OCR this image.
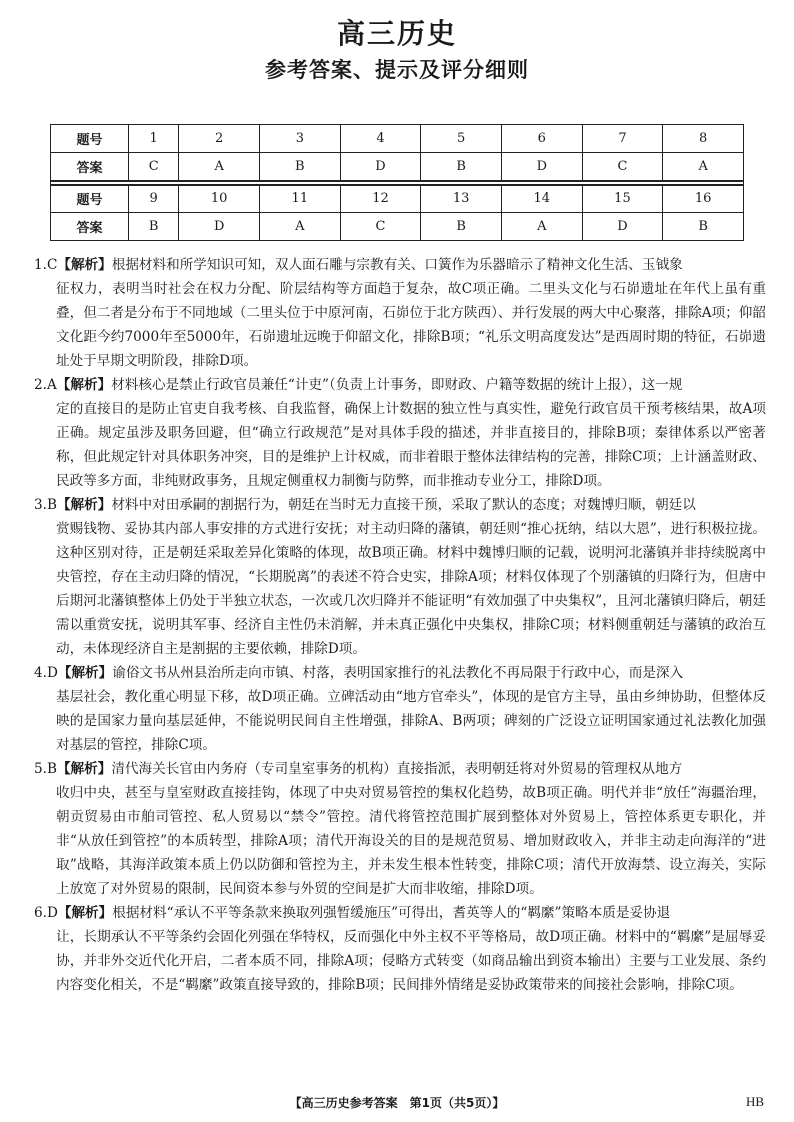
高三历史
参考答案、提示及评分细则
题号	1	2	3	4	5	6	7	8
答案	C	A	B	D	B	D	C	A

题号	9	10	11	12	13	14	15	16
答案	B	D	A	C	B	A	D	B
1.C【解析】根据材料和所学知识可知，双人面石雕与宗教有关、口簧作为乐器暗示了精神文化生活、玉钺象
征权力，表明当时社会在权力分配、阶层结构等方面趋于复杂，故C项正确。二里头文化与石峁遗址在年代上虽有重叠，但二者是分布于不同地域（二里头位于中原河南，石峁位于北方陕西）、并行发展的两大中心聚落，排除A项；仰韶文化距今约7000年至5000年，石峁遗址远晚于仰韶文化，排除B项；“礼乐文明高度发达”是西周时期的特征，石峁遗址处于早期文明阶段，排除D项。
2.A【解析】材料核心是禁止行政官员兼任“计吏”（负责上计事务，即财政、户籍等数据的统计上报），这一规
定的直接目的是防止官吏自我考核、自我监督，确保上计数据的独立性与真实性，避免行政官员干预考核结果，故A项正确。规定虽涉及职务回避，但“确立行政规范”是对具体手段的描述，并非直接目的，排除B项；秦律体系以严密著称，但此规定针对具体职务冲突，目的是维护上计权威，而非着眼于整体法律结构的完善，排除C项；上计涵盖财政、民政等多方面，非纯财政事务，且规定侧重权力制衡与防弊，而非推动专业分工，排除D项。
3.B【解析】材料中对田承嗣的割据行为，朝廷在当时无力直接干预，采取了默认的态度；对魏博归顺，朝廷以
赏赐钱物、妥协其内部人事安排的方式进行安抚；对主动归降的藩镇，朝廷则“推心抚纳，结以大恩”，进行积极拉拢。这种区别对待，正是朝廷采取差异化策略的体现，故B项正确。材料中魏博归顺的记载，说明河北藩镇并非持续脱离中央管控，存在主动归降的情况，“长期脱离”的表述不符合史实，排除A项；材料仅体现了个别藩镇的归降行为，但唐中后期河北藩镇整体上仍处于半独立状态，一次或几次归降并不能证明“有效加强了中央集权”，且河北藩镇归降后，朝廷需以重赏安抚，说明其军事、经济自主性仍未消解，并未真正强化中央集权，排除C项；材料侧重朝廷与藩镇的政治互动，未体现经济自主是割据的主要依赖，排除D项。
4.D【解析】谕俗文书从州县治所走向市镇、村落，表明国家推行的礼法教化不再局限于行政中心，而是深入
基层社会，教化重心明显下移，故D项正确。立碑活动由“地方官牵头”，体现的是官方主导，虽由乡绅协助，但整体反映的是国家力量向基层延伸，不能说明民间自主性增强，排除A、B两项；碑刻的广泛设立证明国家通过礼法教化加强对基层的管控，排除C项。
5.B【解析】清代海关长官由内务府（专司皇室事务的机构）直接指派，表明朝廷将对外贸易的管理权从地方
收归中央，甚至与皇室财政直接挂钩，体现了中央对贸易管控的集权化趋势，故B项正确。明代并非“放任”海疆治理，朝贡贸易由市舶司管控、私人贸易以“禁令”管控。清代将管控范围扩展到整体对外贸易上，管控体系更专职化，并非“从放任到管控”的本质转型，排除A项；清代开海设关的目的是规范贸易、增加财政收入，并非主动走向海洋的“进取”战略，其海洋政策本质上仍以防御和管控为主，并未发生根本性转变，排除C项；清代开放海禁、设立海关，实际上放宽了对外贸易的限制，民间资本参与外贸的空间是扩大而非收缩，排除D项。
6.D【解析】根据材料“承认不平等条款来换取列强暂缓施压”可得出，耆英等人的“羁縻”策略本质是妥协退
让，长期承认不平等条约会固化列强在华特权，反而强化中外主权不平等格局，故D项正确。材料中的“羁縻”是屈辱妥协，并非外交近代化开启，二者本质不同，排除A项；侵略方式转变（如商品输出到资本输出）主要与工业发展、条约内容变化相关，不是“羁縻”政策直接导致的，排除B项；民间排外情绪是妥协政策带来的间接社会影响，排除C项。
【高三历史参考答案　第1页（共5页）】	HB
